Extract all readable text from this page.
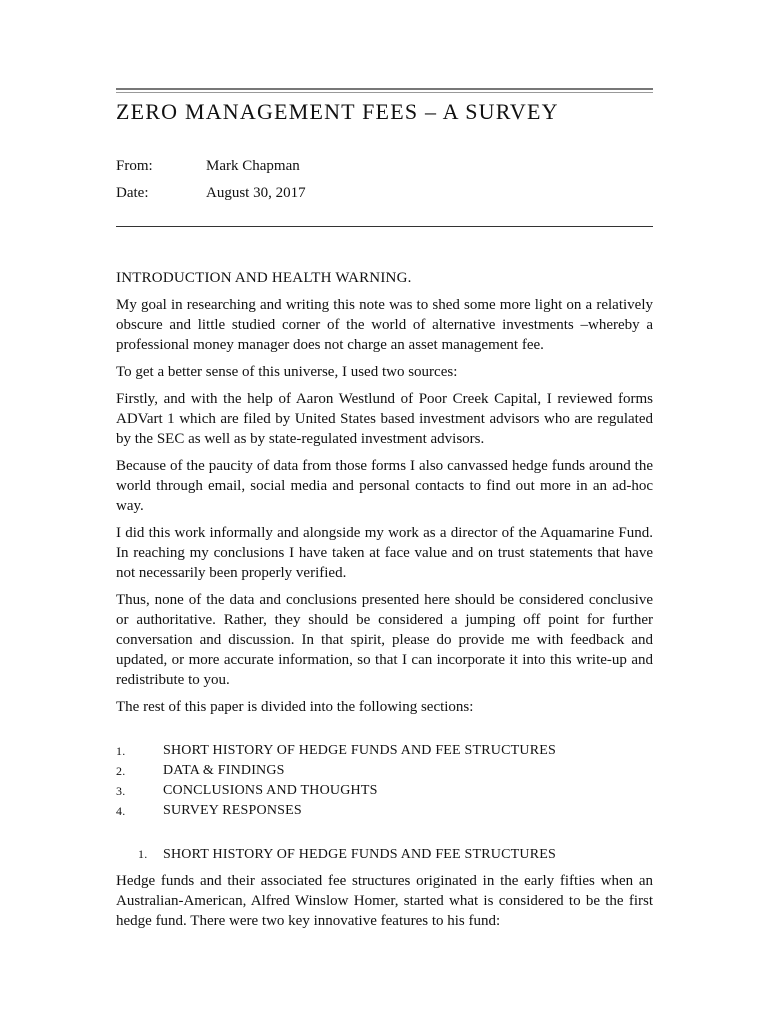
ZERO MANAGEMENT FEES – A SURVEY
From:	Mark Chapman
Date:	August 30, 2017
INTRODUCTION AND HEALTH WARNING.

My goal in researching and writing this note was to shed some more light on a relatively obscure and little studied corner of the world of alternative investments –whereby a professional money manager does not charge an asset management fee.

To get a better sense of this universe, I used two sources:

Firstly, and with the help of Aaron Westlund of Poor Creek Capital, I reviewed forms ADVart 1 which are filed by United States based investment advisors who are regulated by the SEC as well as by state-regulated investment advisors.

Because of the paucity of data from those forms I also canvassed hedge funds around the world through email, social media and personal contacts to find out more in an ad-hoc way.

I did this work informally and alongside my work as a director of the Aquamarine Fund. In reaching my conclusions I have taken at face value and on trust statements that have not necessarily been properly verified.

Thus, none of the data and conclusions presented here should be considered conclusive or authoritative. Rather, they should be considered a jumping off point for further conversation and discussion. In that spirit, please do provide me with feedback and updated, or more accurate information, so that I can incorporate it into this write-up and redistribute to you.

The rest of this paper is divided into the following sections:

1.	SHORT HISTORY OF HEDGE FUNDS AND FEE STRUCTURES
2.	DATA & FINDINGS
3.	CONCLUSIONS AND THOUGHTS
4.	SURVEY RESPONSES
1. SHORT HISTORY OF HEDGE FUNDS AND FEE STRUCTURES

Hedge funds and their associated fee structures originated in the early fifties when an Australian-American, Alfred Winslow Homer, started what is considered to be the first hedge fund. There were two key innovative features to his fund:
